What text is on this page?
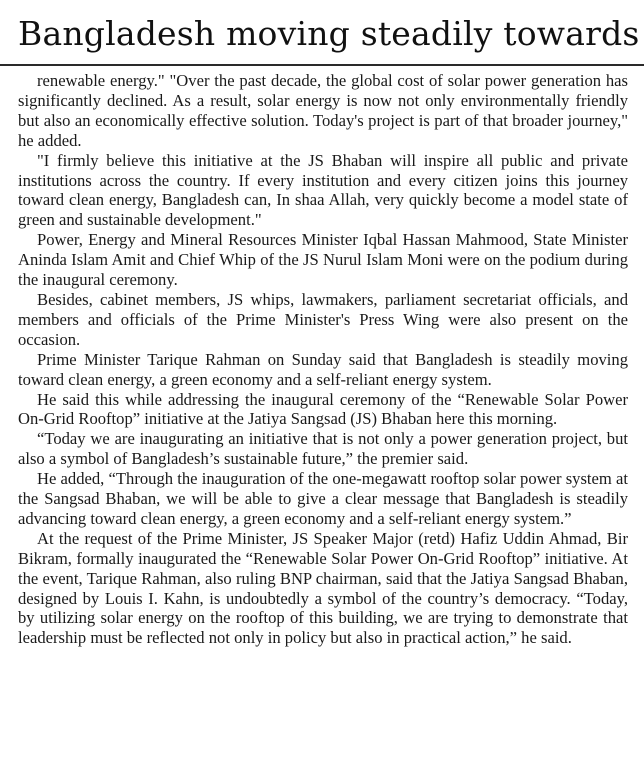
Bangladesh moving steadily towards

renewable energy." "Over the past decade, the global cost of solar power generation has significantly declined. As a result, solar energy is now not only environmentally friendly but also an economically effective solution. Today's project is part of that broader journey," he added.

"I firmly believe this initiative at the JS Bhaban will inspire all public and private institutions across the country. If every institution and every citizen joins this journey toward clean energy, Bangladesh can, In shaa Allah, very quickly become a model state of green and sustainable development."

Power, Energy and Mineral Resources Minister Iqbal Hassan Mahmood, State Minister Aninda Islam Amit and Chief Whip of the JS Nurul Islam Moni were on the podium during the inaugural ceremony.

Besides, cabinet members, JS whips, lawmakers, parliament secretariat officials, and members and officials of the Prime Minister's Press Wing were also present on the occasion.

Prime Minister Tarique Rahman on Sunday said that Bangladesh is steadily moving toward clean energy, a green economy and a self-reliant energy system.

He said this while addressing the inaugural ceremony of the “Renewable Solar Power On-Grid Rooftop” initiative at the Jatiya Sangsad (JS) Bhaban here this morning.

“Today we are inaugurating an initiative that is not only a power generation project, but also a symbol of Bangladesh’s sustainable future,” the premier said.

He added, “Through the inauguration of the one-megawatt rooftop solar power system at the Sangsad Bhaban, we will be able to give a clear message that Bangladesh is steadily advancing toward clean energy, a green economy and a self-reliant energy system.”

At the request of the Prime Minister, JS Speaker Major (retd) Hafiz Uddin Ahmad, Bir Bikram, formally inaugurated the “Renewable Solar Power On-Grid Rooftop” initiative. At the event, Tarique Rahman, also ruling BNP chairman, said that the Jatiya Sangsad Bhaban, designed by Louis I. Kahn, is undoubtedly a symbol of the country’s democracy. “Today, by utilizing solar energy on the rooftop of this building, we are trying to demonstrate that leadership must be reflected not only in policy but also in practical action,” he said.
